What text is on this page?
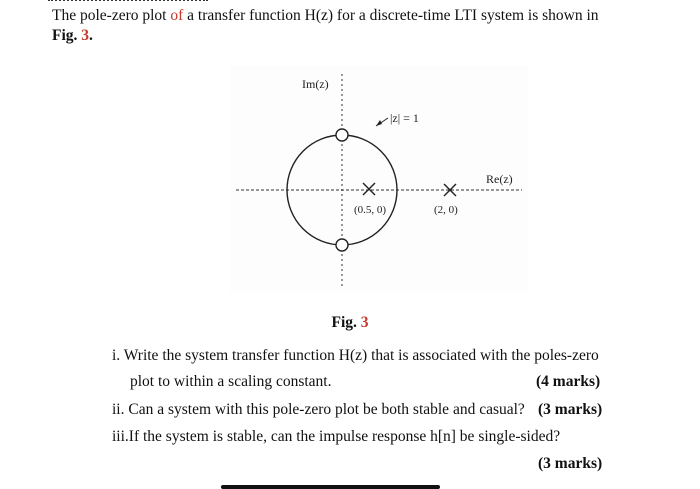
The pole-zero plot of a transfer function H(z) for a discrete-time LTI system is shown in
Fig. 3.
Im(z)
Re(z)
|z| = 1
(0.5, 0)	(2, 0)
Fig. 3
i. Write the system transfer function H(z) that is associated with the poles-zero
plot to within a scaling constant.	(4 marks)
ii. Can a system with this pole-zero plot be both stable and casual? (3 marks)
iii.If the system is stable, can the impulse response h[n] be single-sided?
(3 marks)
